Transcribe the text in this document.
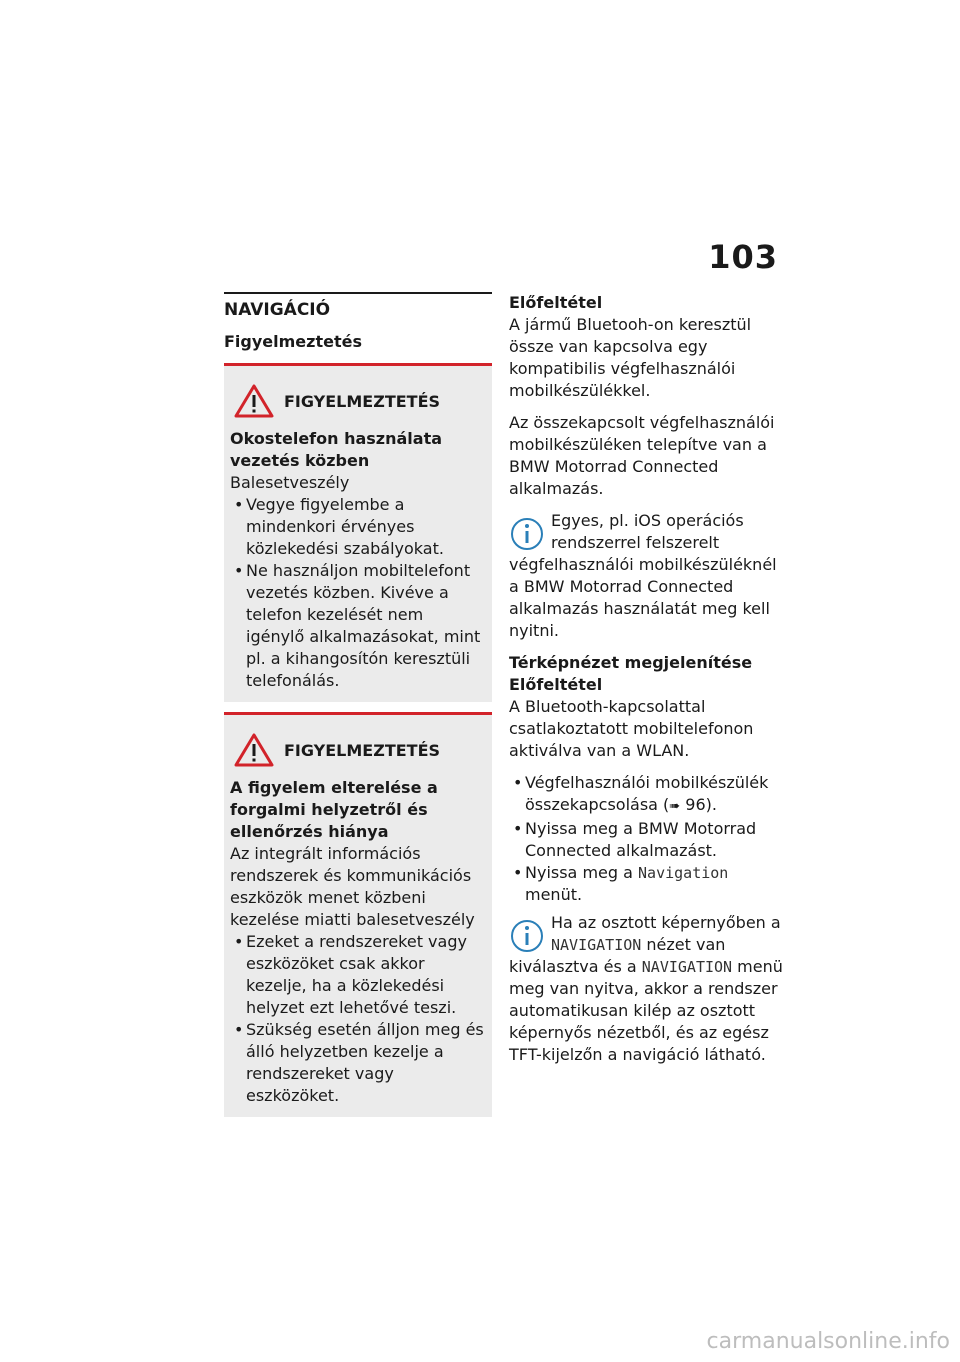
103
NAVIGÁCIÓ
Figyelmeztetés
FIGYELMEZTETÉS
Okostelefon használata vezetés közben
Balesetveszély
• Vegye figyelembe a mindenkori érvényes közlekedési szabályokat.
• Ne használjon mobiltelefont vezetés közben. Kivéve a telefon kezelését nem igénylő alkalmazásokat, mint pl. a kihangosítón keresztüli telefonálás.
FIGYELMEZTETÉS
A figyelem elterelése a forgalmi helyzetről és ellenőrzés hiánya
Az integrált információs rendszerek és kommunikációs eszközök menet közbeni kezelése miatti balesetveszély
• Ezeket a rendszereket vagy eszközöket csak akkor kezelje, ha a közlekedési helyzet ezt lehetővé teszi.
• Szükség esetén álljon meg és álló helyzetben kezelje a rendszereket vagy eszközöket.
Előfeltétel

A jármű Bluetooh-on keresztül össze van kapcsolva egy kompatibilis végfelhasználói mobilkészülékkel.

Az összekapcsolt végfelhasználói mobilkészüléken telepítve van a BMW Motorrad Connected alkalmazás.

Egyes, pl. iOS operációs rendszerrel felszerelt végfelhasználói mobilkészüléknél a BMW Motorrad Connected alkalmazás használatát meg kell nyitni.
Térképnézet megjelenítése
Előfeltétel

A Bluetooth-kapcsolattal csatlakoztatott mobiltelefonon aktiválva van a WLAN.

• Végfelhasználói mobilkészülék összekapcsolása (➠ 96).
• Nyissa meg a BMW Motorrad Connected alkalmazást.
• Nyissa meg a Navigation menüt.
Ha az osztott képernyőben a NAVIGATION nézet van kiválasztva és a NAVIGATION menü meg van nyitva, akkor a rendszer automatikusan kilép az osztott képernyős nézetből, és az egész TFT-kijelzőn a navigáció látható.
carmanualsonline.info
